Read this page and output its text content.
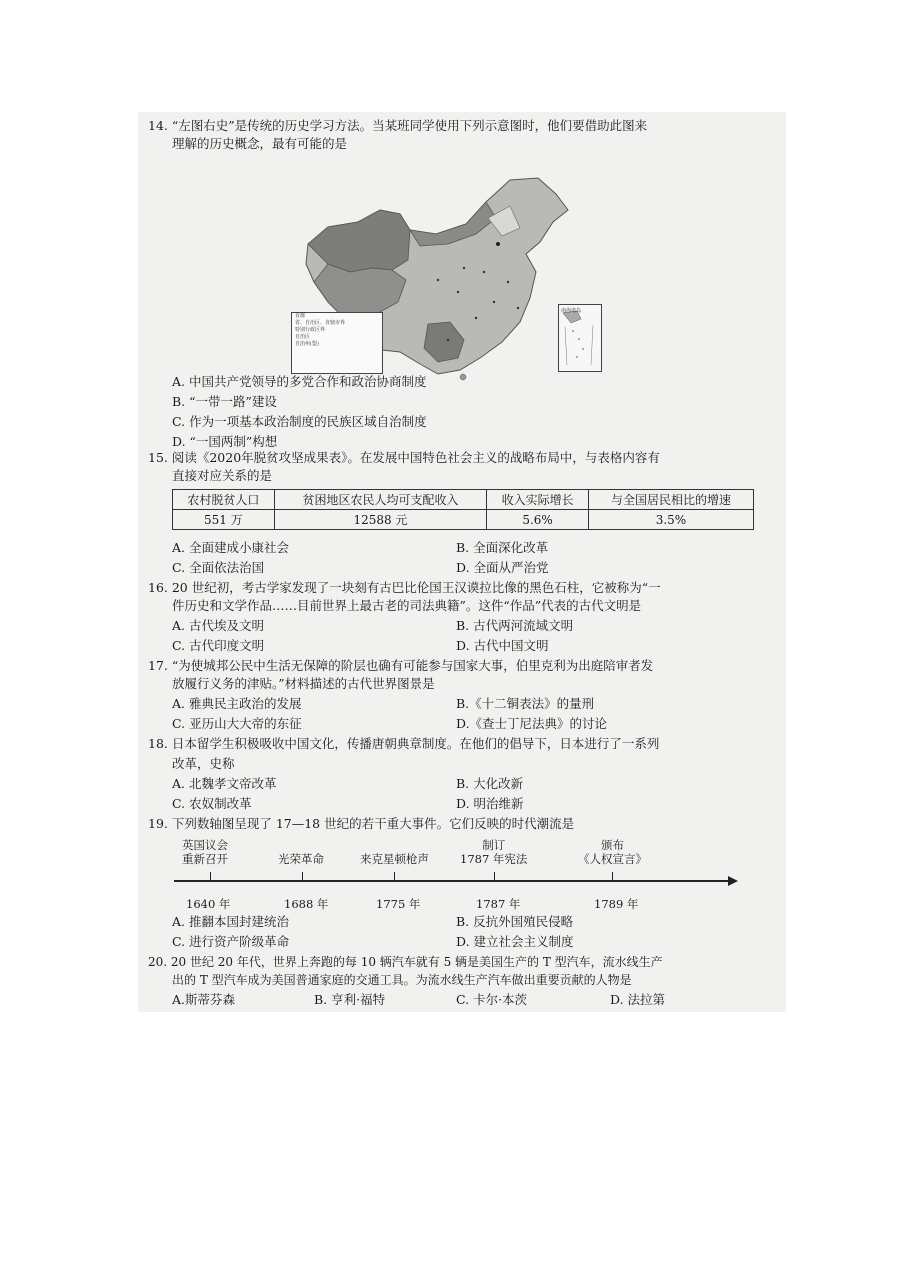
14. “左图右史”是传统的历史学习方法。当某班同学使用下列示意图时，他们要借助此图来
理解的历史概念，最有可能的是
首都
省、自治区、直辖市界
特别行政区界
自治区
自治州(盟)
南海诸岛
A. 中国共产党领导的多党合作和政治协商制度
B. “一带一路”建设
C. 作为一项基本政治制度的民族区域自治制度
D. “一国两制”构想
15. 阅读《2020年脱贫攻坚成果表》。在发展中国特色社会主义的战略布局中，与表格内容有
直接对应关系的是
农村脱贫人口	贫困地区农民人均可支配收入	收入实际增长	与全国居民相比的增速
551 万	12588 元	5.6%	3.5%
A. 全面建成小康社会	B. 全面深化改革
C. 全面依法治国	D. 全面从严治党
16. 20 世纪初，考古学家发现了一块刻有古巴比伦国王汉谟拉比像的黑色石柱，它被称为“一
件历史和文学作品……目前世界上最古老的司法典籍”。这件“作品”代表的古代文明是
A. 古代埃及文明	B. 古代两河流域文明
C. 古代印度文明	D. 古代中国文明
17. “为使城邦公民中生活无保障的阶层也确有可能参与国家大事，伯里克利为出庭陪审者发
放履行义务的津贴。”材料描述的古代世界图景是
A. 雅典民主政治的发展	B.《十二铜表法》的量刑
C. 亚历山大大帝的东征	D.《查士丁尼法典》的讨论
18. 日本留学生积极吸收中国文化，传播唐朝典章制度。在他们的倡导下，日本进行了一系列
改革，史称
A. 北魏孝文帝改革	B. 大化改新
C. 农奴制改革	D. 明治维新
19. 下列数轴图呈现了 17—18 世纪的若干重大事件。它们反映的时代潮流是
英国议会
重新召开	光荣革命	来克星顿枪声
制订
1787 年宪法
颁布
《人权宣言》
1640 年	1688 年	1775 年	1787 年	1789 年
A. 推翻本国封建统治	B. 反抗外国殖民侵略
C. 进行资产阶级革命	D. 建立社会主义制度
20. 20 世纪 20 年代，世界上奔跑的每 10 辆汽车就有 5 辆是美国生产的 T 型汽车，流水线生产
出的 T 型汽车成为美国普通家庭的交通工具。为流水线生产汽车做出重要贡献的人物是
A.斯蒂芬森	B. 亨利·福特	C. 卡尔·本茨	D. 法拉第
